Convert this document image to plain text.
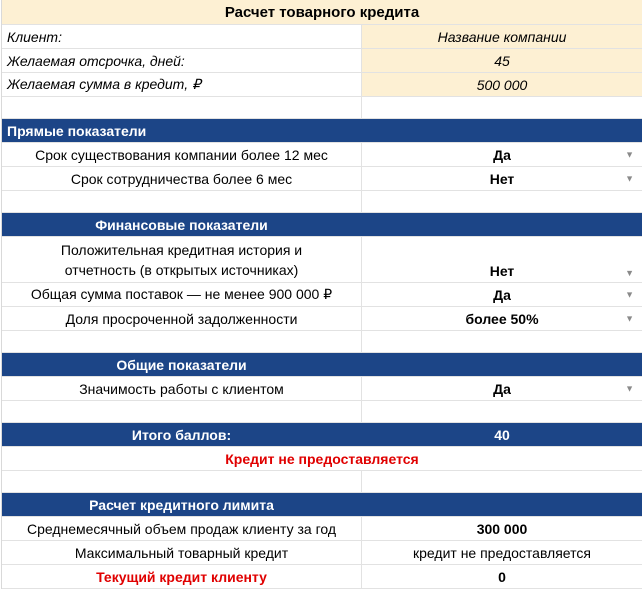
Расчет товарного кредита
Клиент:	Название компании
Желаемая отсрочка, дней:	45
Желаемая сумма в кредит, ₽	500 000
Прямые показатели
Срок существования компании более 12 мес	Да	▼
Срок сотрудничества более 6 мес	Нет	▼
Финансовые показатели
Положительная кредитная история и
отчетность (в открытых источниках)	Нет	▼
Общая сумма поставок — не менее 900 000 ₽	Да	▼
Доля просроченной задолженности	более 50%	▼
Общие показатели
Значимость работы с клиентом	Да	▼
Итого баллов:	40
Кредит не предоставляется
Расчет кредитного лимита
Среднемесячный объем продаж клиенту за год	300 000
Максимальный товарный кредит	кредит не предоставляется
Текущий кредит клиенту	0
